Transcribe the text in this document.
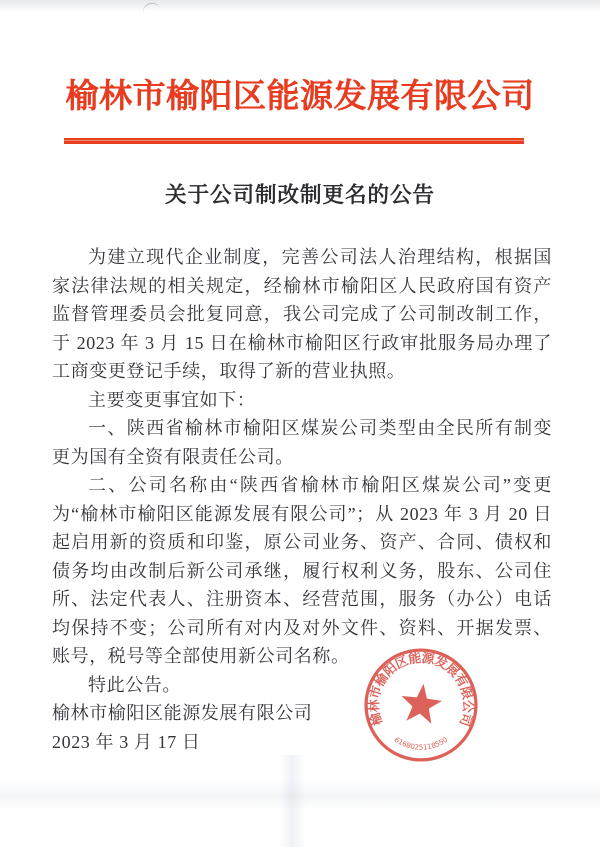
榆林市榆阳区能源发展有限公司
关于公司制改制更名的公告

为建立现代企业制度，完善公司法人治理结构，根据国家法律法规的相关规定，经榆林市榆阳区人民政府国有资产监督管理委员会批复同意，我公司完成了公司制改制工作，于 2023 年 3 月 15 日在榆林市榆阳区行政审批服务局办理了工商变更登记手续，取得了新的营业执照。

主要变更事宜如下：

一、陕西省榆林市榆阳区煤炭公司类型由全民所有制变更为国有全资有限责任公司。

二、公司名称由“陕西省榆林市榆阳区煤炭公司”变更为“榆林市榆阳区能源发展有限公司”；从 2023 年 3 月 20 日起启用新的资质和印鉴，原公司业务、资产、合同、债权和债务均由改制后新公司承继，履行权利义务，股东、公司住所、法定代表人、注册资本、经营范围，服务（办公）电话均保持不变；公司所有对内及对外文件、资料、开据发票、账号，税号等全部使用新公司名称。

特此公告。

榆林市榆阳区能源发展有限公司

2023 年 3 月 17 日

榆林市榆阳区能源发展有限公司
6168025118550
